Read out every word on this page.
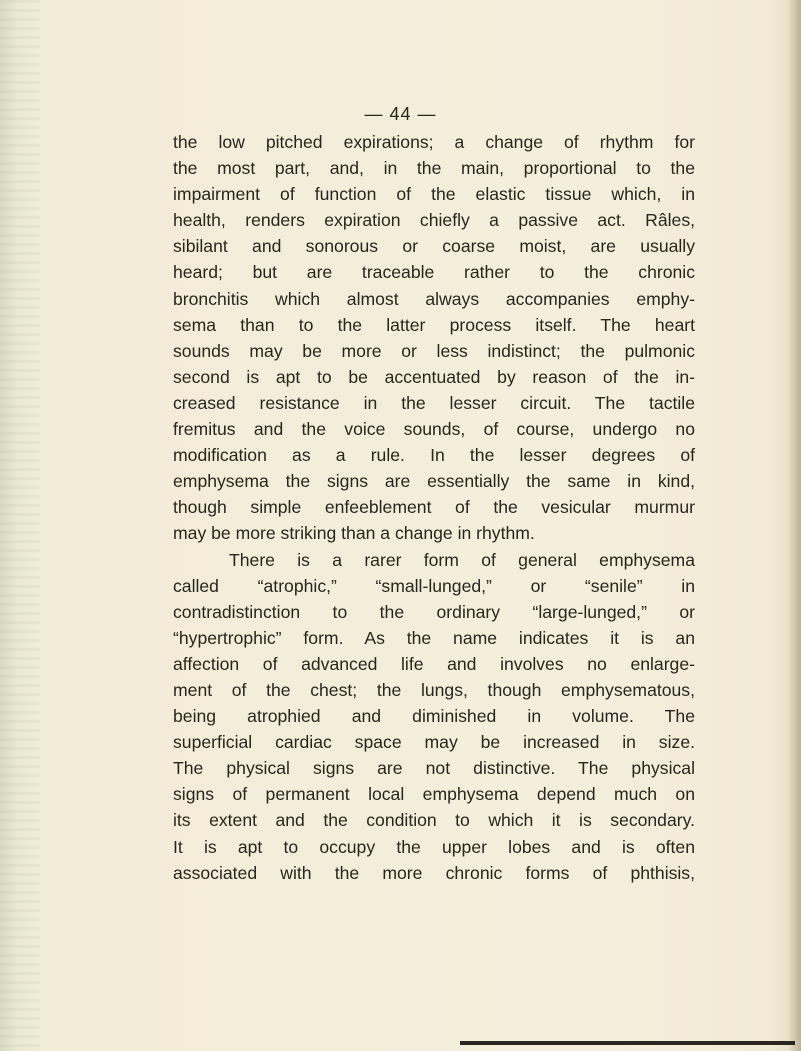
— 44 —
the low pitched expirations; a change of rhythm for
the most part, and, in the main, proportional to the
impairment of function of the elastic tissue which, in
health, renders expiration chiefly a passive act. Râles,
sibilant and sonorous or coarse moist, are usually
heard; but are traceable rather to the chronic
bronchitis which almost always accompanies emphy-
sema than to the latter process itself. The heart
sounds may be more or less indistinct; the pulmonic
second is apt to be accentuated by reason of the in-
creased resistance in the lesser circuit. The tactile
fremitus and the voice sounds, of course, undergo no
modification as a rule. In the lesser degrees of
emphysema the signs are essentially the same in kind,
though simple enfeeblement of the vesicular murmur
may be more striking than a change in rhythm.
There is a rarer form of general emphysema
called “atrophic,” “small-lunged,” or “senile” in
contradistinction to the ordinary “large-lunged,” or
“hypertrophic” form. As the name indicates it is an
affection of advanced life and involves no enlarge-
ment of the chest; the lungs, though emphysematous,
being atrophied and diminished in volume. The
superficial cardiac space may be increased in size.
The physical signs are not distinctive. The physical
signs of permanent local emphysema depend much on
its extent and the condition to which it is secondary.
It is apt to occupy the upper lobes and is often
associated with the more chronic forms of phthisis,
